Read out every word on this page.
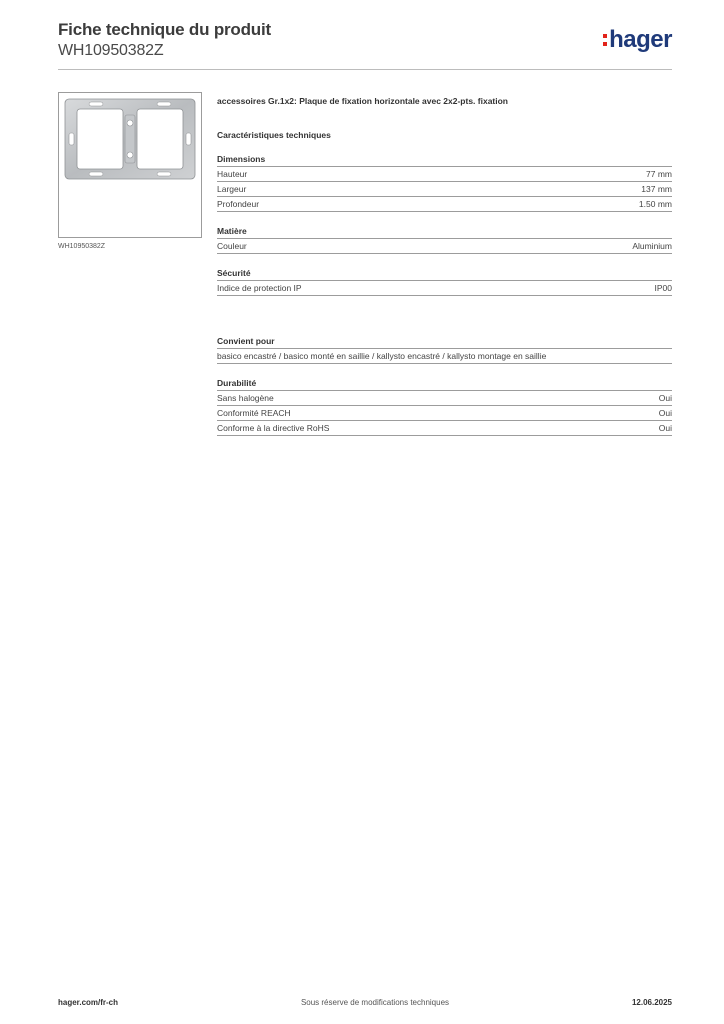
Fiche technique du produit
WH10950382Z	hager
WH10950382Z
accessoires Gr.1x2: Plaque de fixation horizontale avec 2x2-pts. fixation
Caractéristiques techniques
Dimensions
Hauteur	77 mm
Largeur	137 mm
Profondeur	1.50 mm
Matière
Couleur	Aluminium
Sécurité
Indice de protection IP	IP00
Convient pour
basico encastré / basico monté en saillie / kallysto encastré / kallysto montage en saillie
Durabilité
Sans halogène	Oui
Conformité REACH	Oui
Conforme à la directive RoHS	Oui
hager.com/fr-ch	Sous réserve de modifications techniques	12.06.2025
